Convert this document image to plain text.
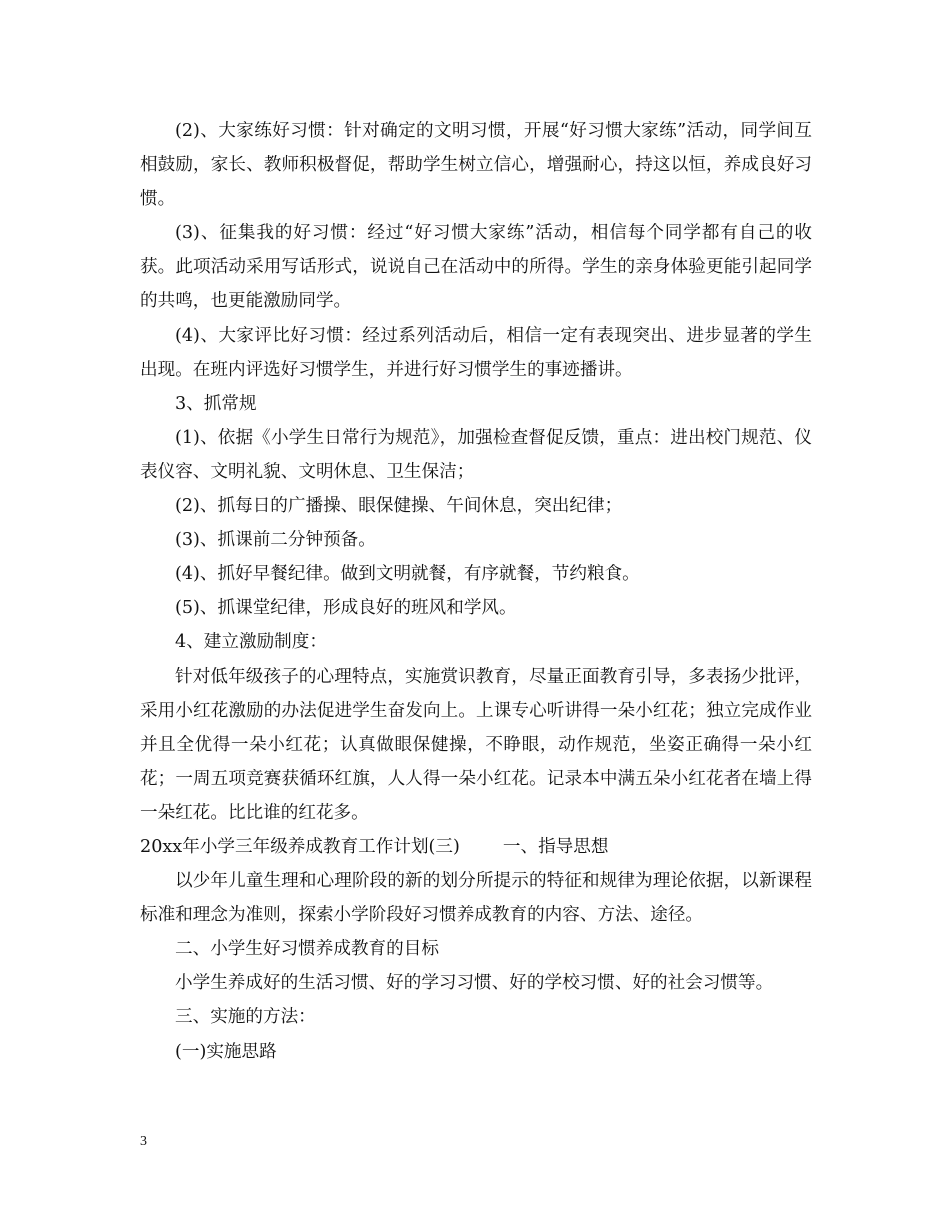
(2)、大家练好习惯：针对确定的文明习惯，开展“好习惯大家练”活动，同学间互相鼓励，家长、教师积极督促，帮助学生树立信心，增强耐心，持这以恒，养成良好习惯。

(3)、征集我的好习惯：经过“好习惯大家练”活动，相信每个同学都有自己的收获。此项活动采用写话形式，说说自己在活动中的所得。学生的亲身体验更能引起同学的共鸣，也更能激励同学。

(4)、大家评比好习惯：经过系列活动后，相信一定有表现突出、进步显著的学生出现。在班内评选好习惯学生，并进行好习惯学生的事迹播讲。

3、抓常规

(1)、依据《小学生日常行为规范》，加强检查督促反馈，重点：进出校门规范、仪表仪容、文明礼貌、文明休息、卫生保洁；

(2)、抓每日的广播操、眼保健操、午间休息，突出纪律；

(3)、抓课前二分钟预备。

(4)、抓好早餐纪律。做到文明就餐，有序就餐，节约粮食。

(5)、抓课堂纪律，形成良好的班风和学风。

4、建立激励制度：

针对低年级孩子的心理特点，实施赏识教育，尽量正面教育引导，多表扬少批评，采用小红花激励的办法促进学生奋发向上。上课专心听讲得一朵小红花；独立完成作业并且全优得一朵小红花；认真做眼保健操，不睁眼，动作规范，坐姿正确得一朵小红花；一周五项竞赛获循环红旗，人人得一朵小红花。记录本中满五朵小红花者在墙上得一朵红花。比比谁的红花多。

20xx年小学三年级养成教育工作计划(三) 一、指导思想

以少年儿童生理和心理阶段的新的划分所提示的特征和规律为理论依据，以新课程标准和理念为准则，探索小学阶段好习惯养成教育的内容、方法、途径。

二、小学生好习惯养成教育的目标

小学生养成好的生活习惯、好的学习习惯、好的学校习惯、好的社会习惯等。

三、实施的方法：

(一)实施思路

3
